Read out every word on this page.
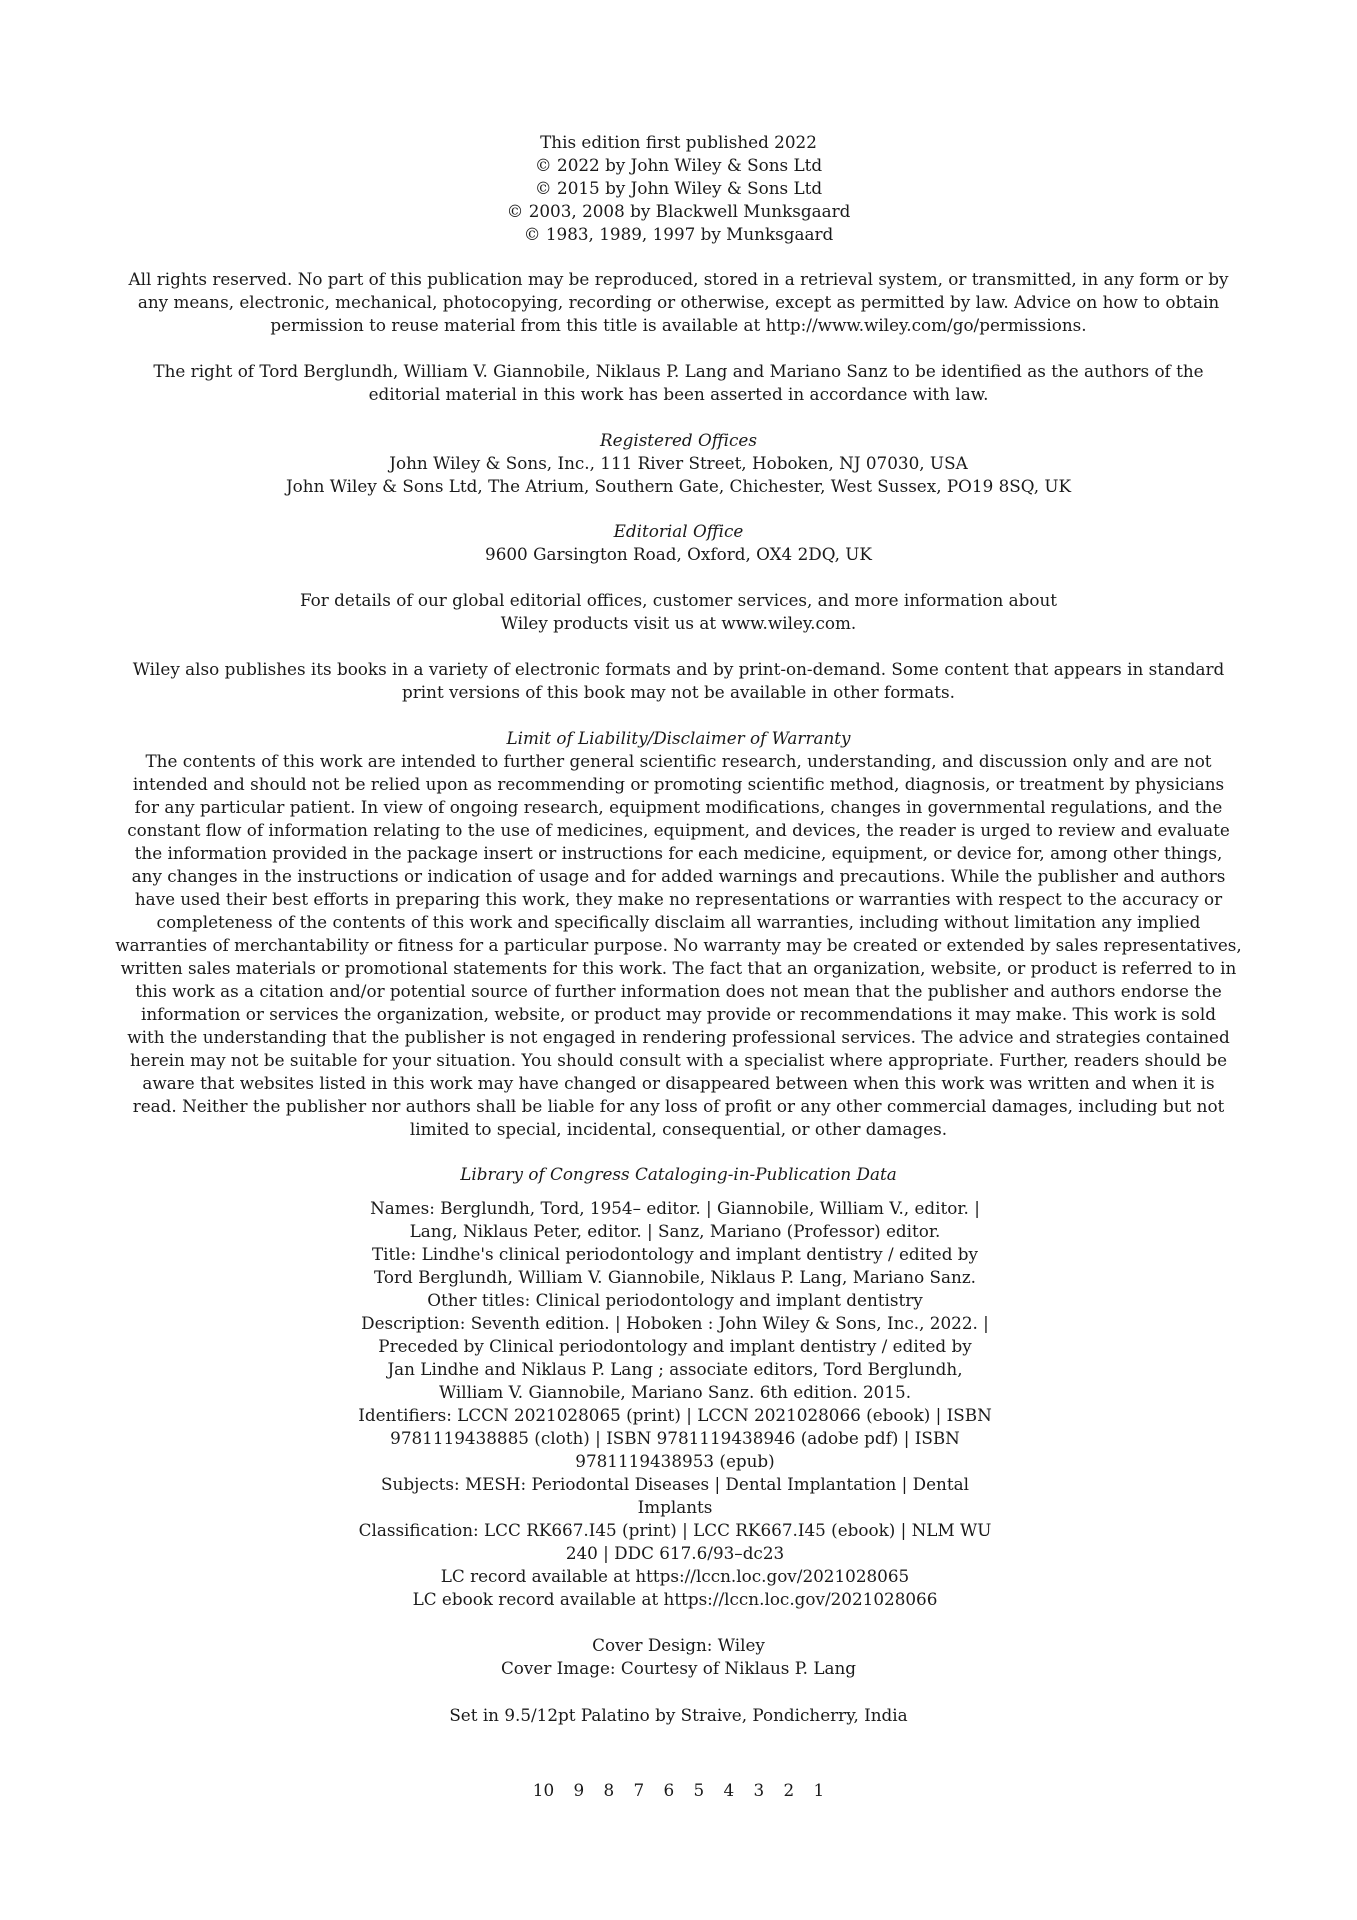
This edition first published 2022
© 2022 by John Wiley & Sons Ltd
© 2015 by John Wiley & Sons Ltd
© 2003, 2008 by Blackwell Munksgaard
© 1983, 1989, 1997 by Munksgaard
All rights reserved. No part of this publication may be reproduced, stored in a retrieval system, or transmitted, in any form or by
any means, electronic, mechanical, photocopying, recording or otherwise, except as permitted by law. Advice on how to obtain
permission to reuse material from this title is available at http://www.wiley.com/go/permissions.
The right of Tord Berglundh, William V. Giannobile, Niklaus P. Lang and Mariano Sanz to be identified as the authors of the
editorial material in this work has been asserted in accordance with law.
Registered Offices
John Wiley & Sons, Inc., 111 River Street, Hoboken, NJ 07030, USA
John Wiley & Sons Ltd, The Atrium, Southern Gate, Chichester, West Sussex, PO19 8SQ, UK
Editorial Office
9600 Garsington Road, Oxford, OX4 2DQ, UK
For details of our global editorial offices, customer services, and more information about
Wiley products visit us at www.wiley.com.
Wiley also publishes its books in a variety of electronic formats and by print-on-demand. Some content that appears in standard
print versions of this book may not be available in other formats.
Limit of Liability/Disclaimer of Warranty
The contents of this work are intended to further general scientific research, understanding, and discussion only and are not
intended and should not be relied upon as recommending or promoting scientific method, diagnosis, or treatment by physicians
for any particular patient. In view of ongoing research, equipment modifications, changes in governmental regulations, and the
constant flow of information relating to the use of medicines, equipment, and devices, the reader is urged to review and evaluate
the information provided in the package insert or instructions for each medicine, equipment, or device for, among other things,
any changes in the instructions or indication of usage and for added warnings and precautions. While the publisher and authors
have used their best efforts in preparing this work, they make no representations or warranties with respect to the accuracy or
completeness of the contents of this work and specifically disclaim all warranties, including without limitation any implied
warranties of merchantability or fitness for a particular purpose. No warranty may be created or extended by sales representatives,
written sales materials or promotional statements for this work. The fact that an organization, website, or product is referred to in
this work as a citation and/or potential source of further information does not mean that the publisher and authors endorse the
information or services the organization, website, or product may provide or recommendations it may make. This work is sold
with the understanding that the publisher is not engaged in rendering professional services. The advice and strategies contained
herein may not be suitable for your situation. You should consult with a specialist where appropriate. Further, readers should be
aware that websites listed in this work may have changed or disappeared between when this work was written and when it is
read. Neither the publisher nor authors shall be liable for any loss of profit or any other commercial damages, including but not
limited to special, incidental, consequential, or other damages.
Library of Congress Cataloging-in-Publication Data
Names: Berglundh, Tord, 1954– editor. | Giannobile, William V., editor. |
Lang, Niklaus Peter, editor. | Sanz, Mariano (Professor) editor.
Title: Lindhe's clinical periodontology and implant dentistry / edited by
Tord Berglundh, William V. Giannobile, Niklaus P. Lang, Mariano Sanz.
Other titles: Clinical periodontology and implant dentistry
Description: Seventh edition. | Hoboken : John Wiley & Sons, Inc., 2022. |
Preceded by Clinical periodontology and implant dentistry / edited by
Jan Lindhe and Niklaus P. Lang ; associate editors, Tord Berglundh,
William V. Giannobile, Mariano Sanz. 6th edition. 2015.
Identifiers: LCCN 2021028065 (print) | LCCN 2021028066 (ebook) | ISBN
9781119438885 (cloth) | ISBN 9781119438946 (adobe pdf) | ISBN
9781119438953 (epub)
Subjects: MESH: Periodontal Diseases | Dental Implantation | Dental
Implants
Classification: LCC RK667.I45 (print) | LCC RK667.I45 (ebook) | NLM WU
240 | DDC 617.6/93–dc23
LC record available at https://lccn.loc.gov/2021028065
LC ebook record available at https://lccn.loc.gov/2021028066
Cover Design: Wiley
Cover Image: Courtesy of Niklaus P. Lang
Set in 9.5/12pt Palatino by Straive, Pondicherry, India
10 9 8 7 6 5 4 3 2 1
